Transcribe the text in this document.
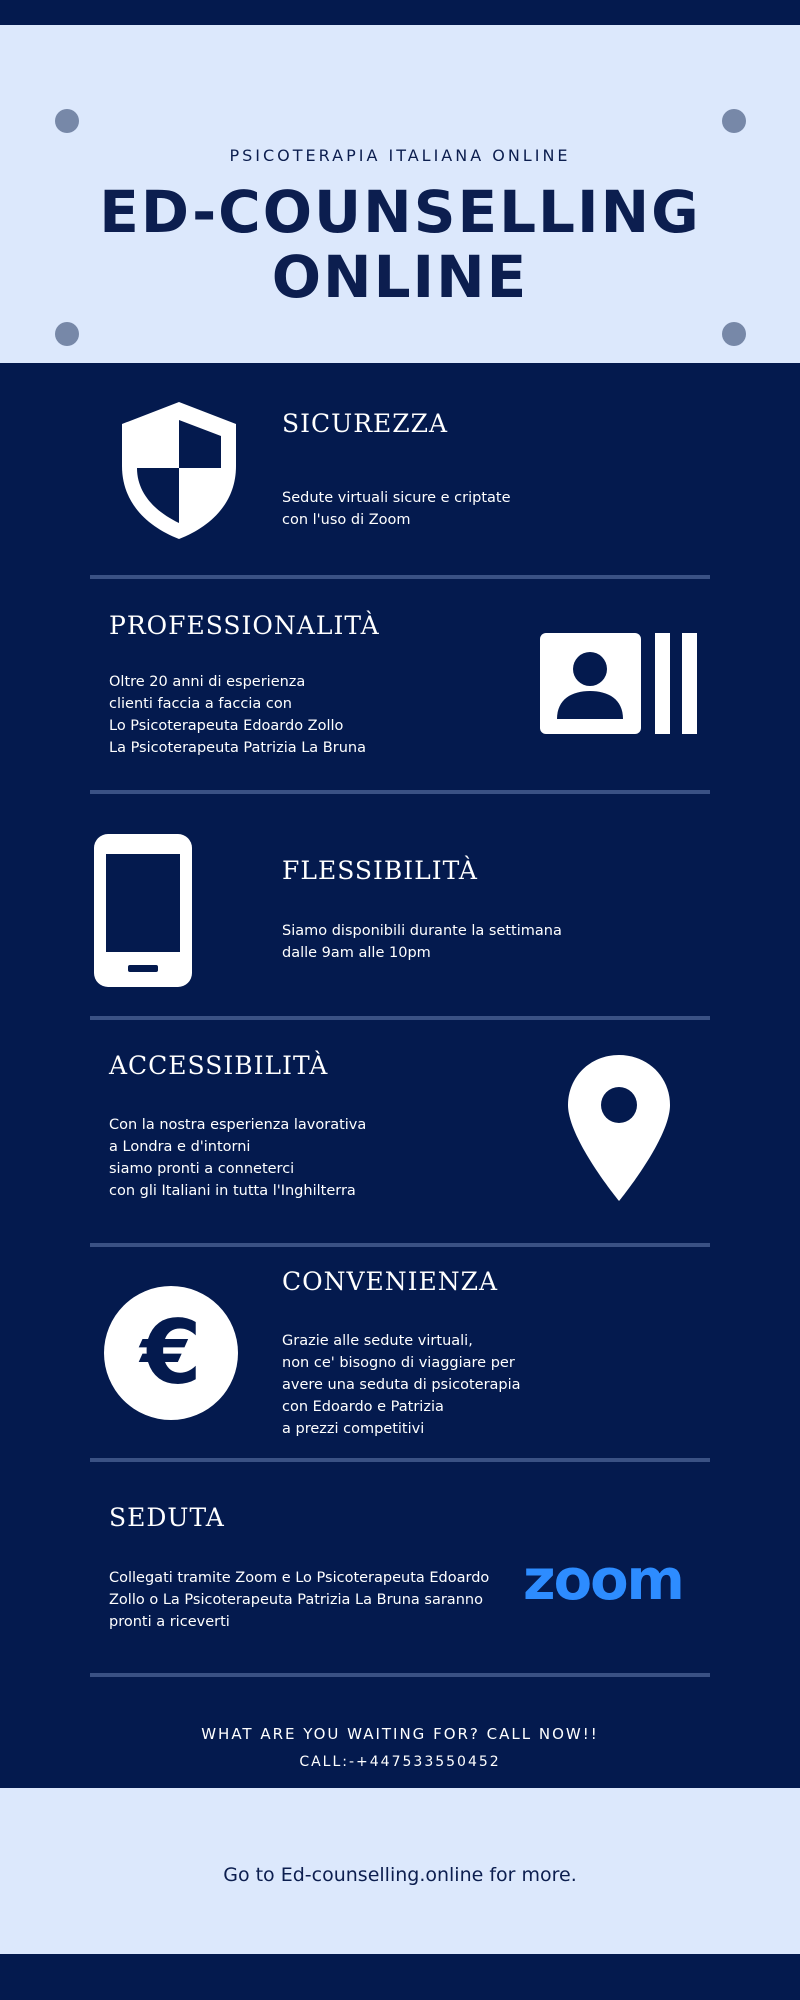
PSICOTERAPIA ITALIANA ONLINE
ED-COUNSELLING
ONLINE
SICUREZZA
Sedute virtuali sicure e criptate
con l'uso di Zoom
PROFESSIONALITÀ
Oltre 20 anni di esperienza
clienti faccia a faccia con
Lo Psicoterapeuta Edoardo Zollo
La Psicoterapeuta Patrizia La Bruna
FLESSIBILITÀ
Siamo disponibili durante la settimana
dalle 9am alle 10pm
ACCESSIBILITÀ
Con la nostra esperienza lavorativa
a Londra e d'intorni
siamo pronti a conneterci
con gli Italiani in tutta l'Inghilterra
€
CONVENIENZA
Grazie alle sedute virtuali,
non ce' bisogno di viaggiare per
avere una seduta di psicoterapia
con Edoardo e Patrizia
a prezzi competitivi
SEDUTA
Collegati tramite Zoom e Lo Psicoterapeuta Edoardo
Zollo o La Psicoterapeuta Patrizia La Bruna saranno
pronti a riceverti
zoom
WHAT ARE YOU WAITING FOR? CALL NOW!!
CALL:-+447533550452
Go to Ed-counselling.online for more.
